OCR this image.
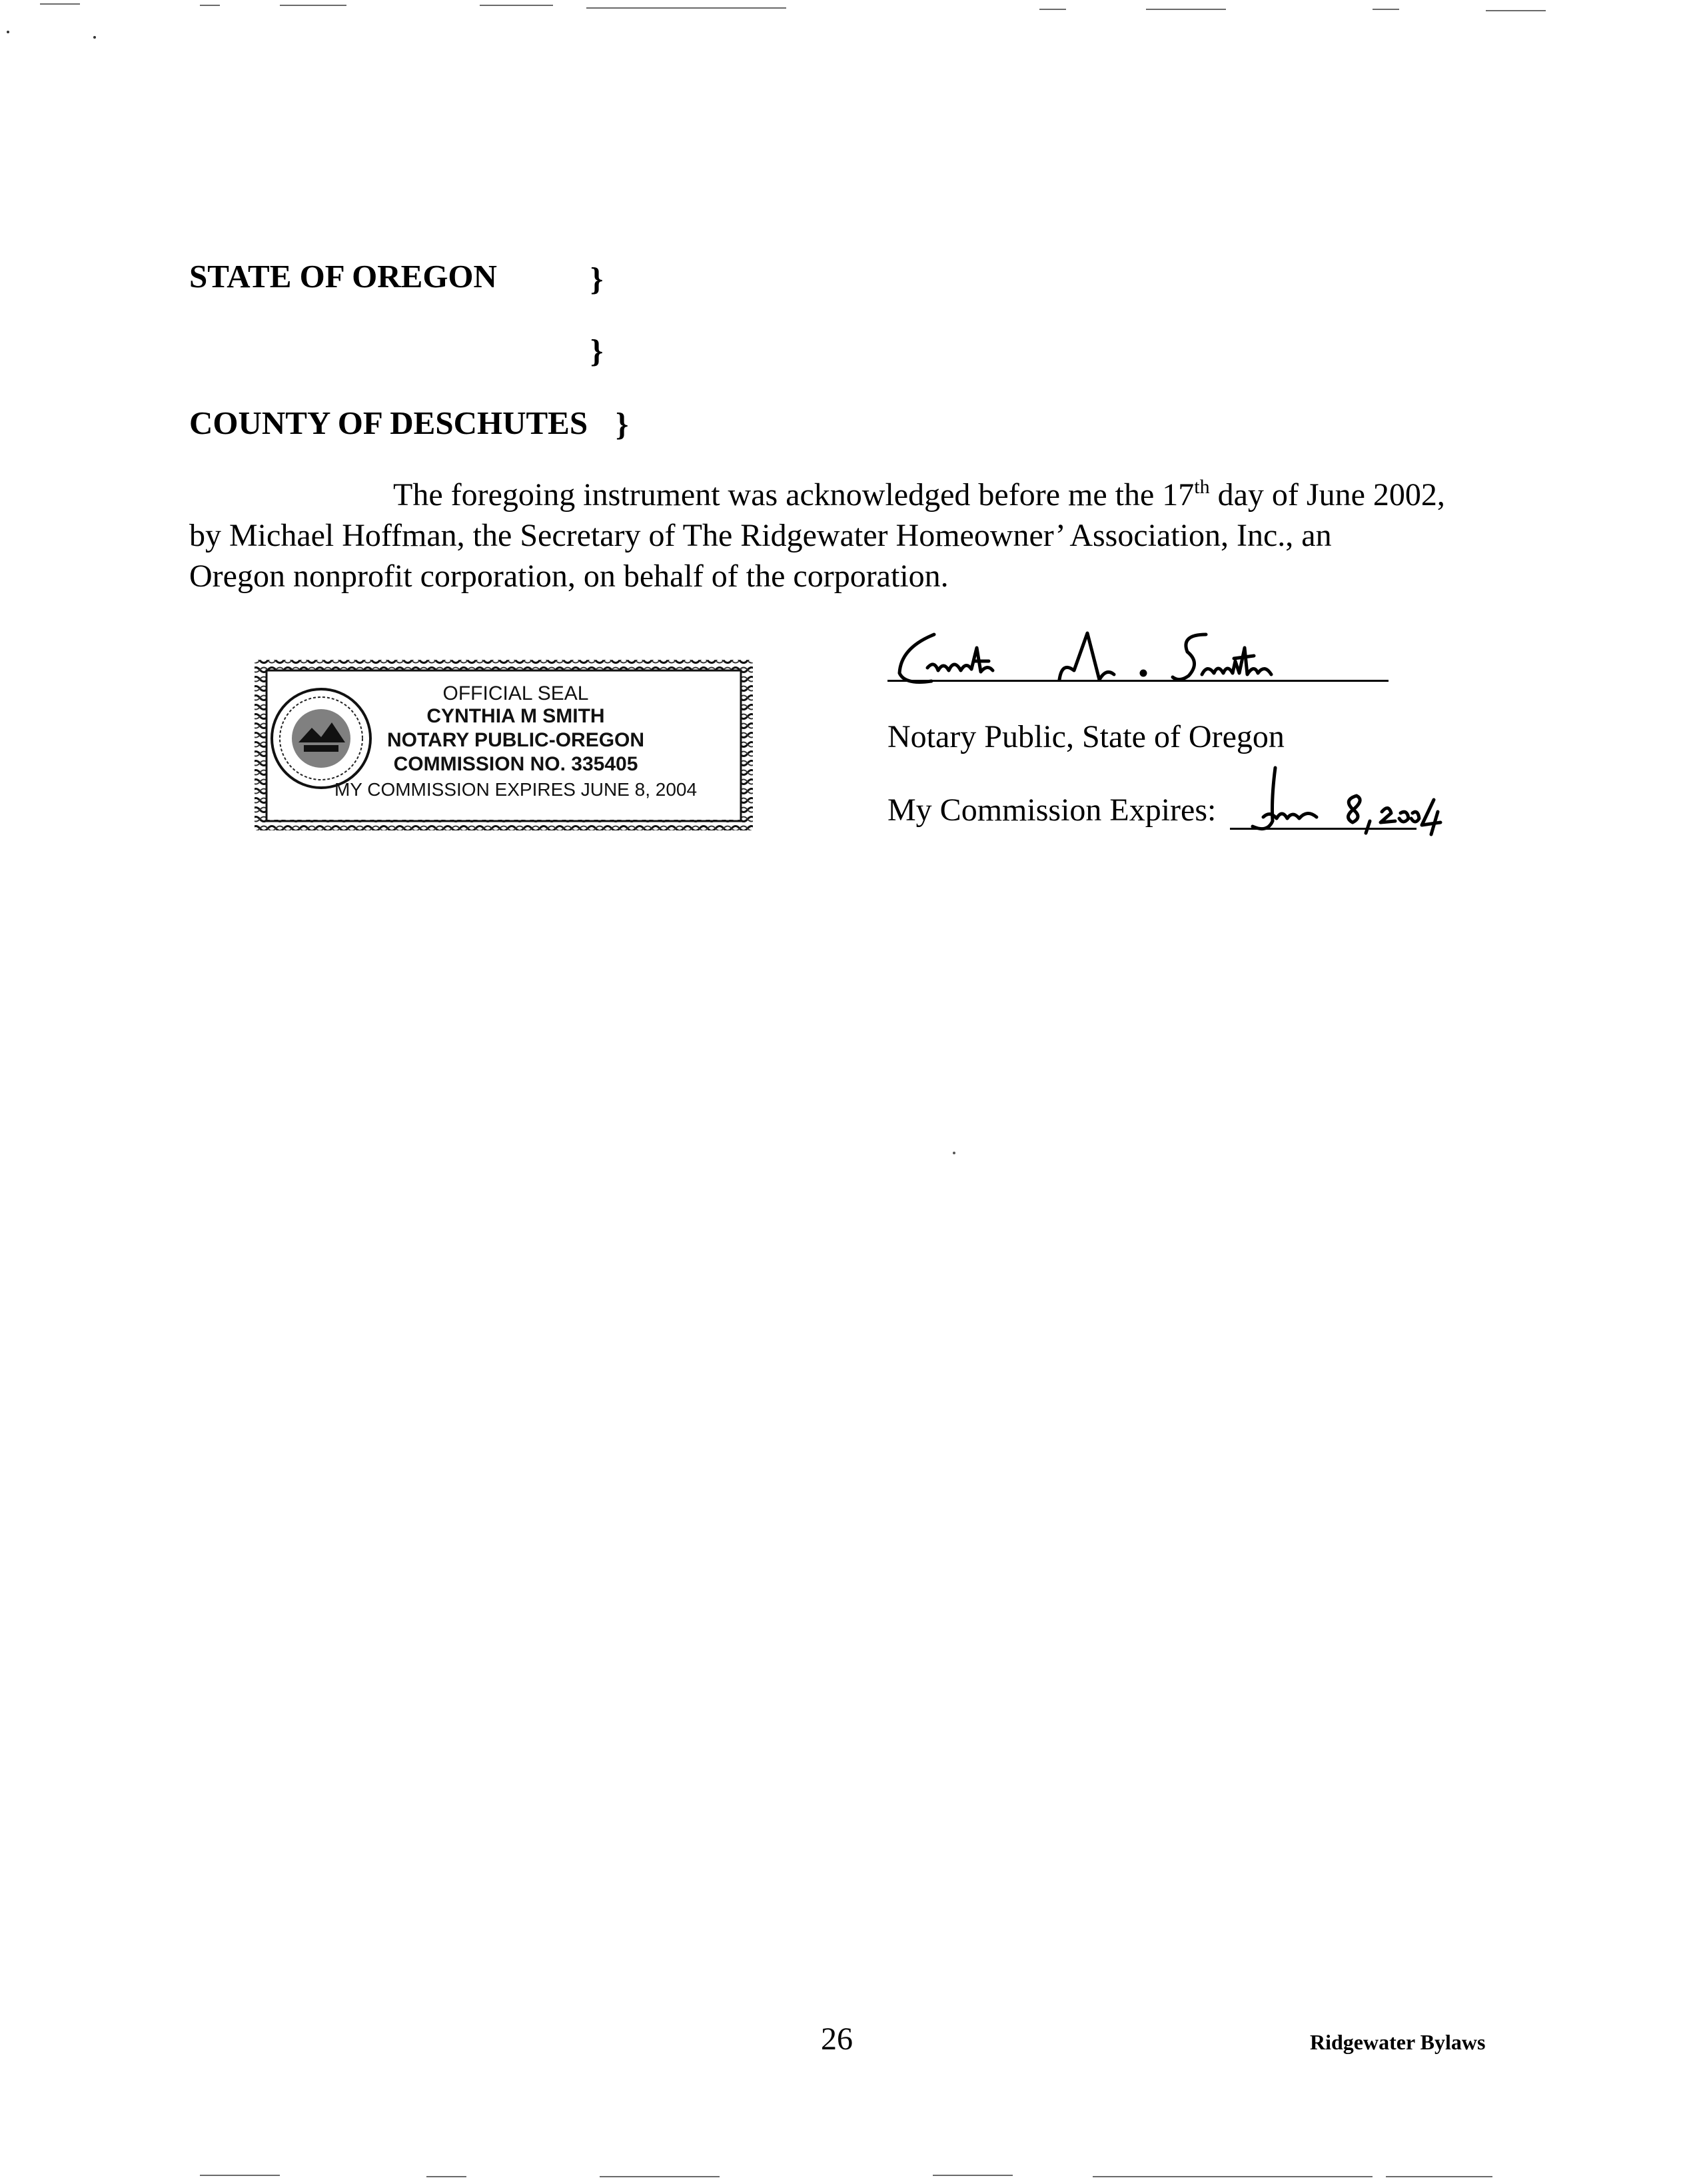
STATE OF OREGON	}
}
COUNTY OF DESCHUTES }

The foregoing instrument was acknowledged before me the 17th day of June 2002,

by Michael Hoffman, the Secretary of The Ridgewater Homeowner’ Association, Inc., an

Oregon nonprofit corporation, on behalf of the corporation.

OFFICIAL SEAL
CYNTHIA M SMITH
NOTARY PUBLIC-OREGON
COMMISSION NO. 335405
MY COMMISSION EXPIRES JUNE 8, 2004
Notary Public, State of Oregon
My Commission Expires:
26	Ridgewater Bylaws
